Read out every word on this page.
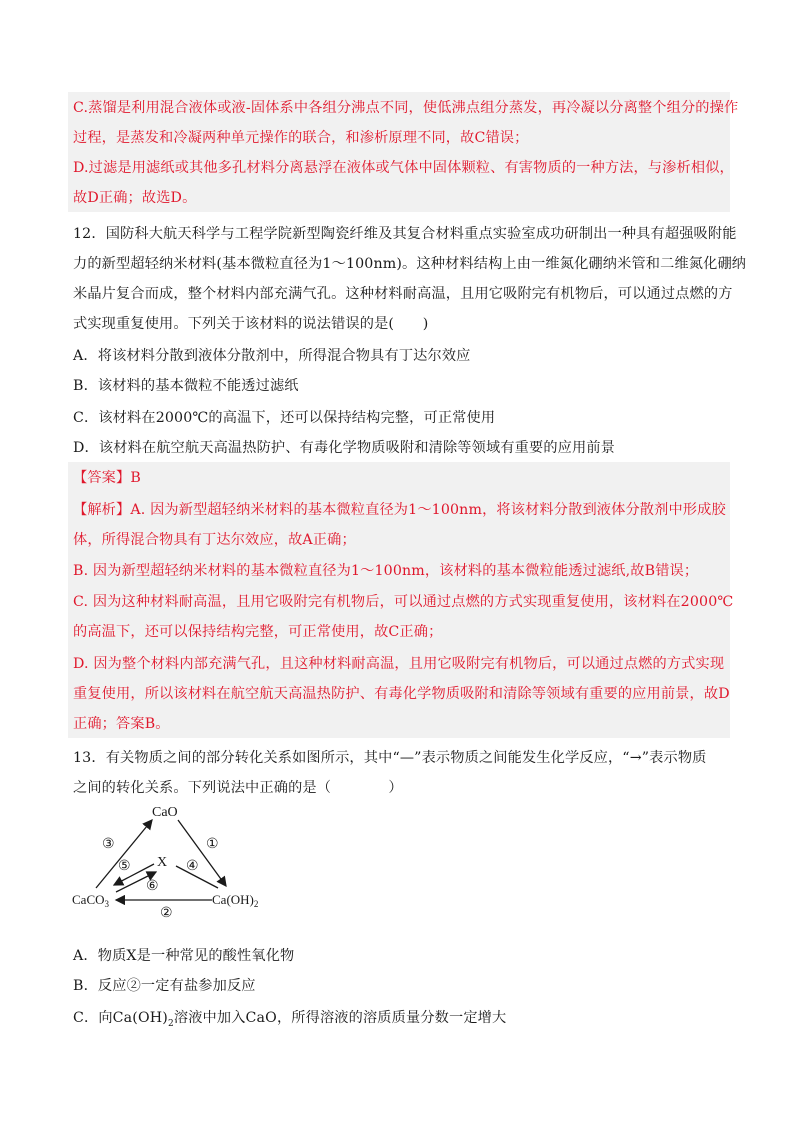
C.蒸馏是利用混合液体或液-固体系中各组分沸点不同，使低沸点组分蒸发，再冷凝以分离整个组分的操作
过程，是蒸发和冷凝两种单元操作的联合，和渗析原理不同，故C错误；
D.过滤是用滤纸或其他多孔材料分离悬浮在液体或气体中固体颗粒、有害物质的一种方法，与渗析相似，
故D正确；故选D。
12．国防科大航天科学与工程学院新型陶瓷纤维及其复合材料重点实验室成功研制出一种具有超强吸附能
力的新型超轻纳米材料(基本微粒直径为1～100nm)。这种材料结构上由一维氮化硼纳米管和二维氮化硼纳
米晶片复合而成，整个材料内部充满气孔。这种材料耐高温，且用它吸附完有机物后，可以通过点燃的方
式实现重复使用。下列关于该材料的说法错误的是(　　)
A．将该材料分散到液体分散剂中，所得混合物具有丁达尔效应
B．该材料的基本微粒不能透过滤纸
C．该材料在2000℃的高温下，还可以保持结构完整，可正常使用
D．该材料在航空航天高温热防护、有毒化学物质吸附和清除等领域有重要的应用前景
【答案】B
【解析】A. 因为新型超轻纳米材料的基本微粒直径为1～100nm，将该材料分散到液体分散剂中形成胶
体，所得混合物具有丁达尔效应，故A正确；
B. 因为新型超轻纳米材料的基本微粒直径为1～100nm，该材料的基本微粒能透过滤纸,故B错误；
C. 因为这种材料耐高温，且用它吸附完有机物后，可以通过点燃的方式实现重复使用，该材料在2000℃
的高温下，还可以保持结构完整，可正常使用，故C正确；
D. 因为整个材料内部充满气孔，且这种材料耐高温，且用它吸附完有机物后，可以通过点燃的方式实现
重复使用，所以该材料在航空航天高温热防护、有毒化学物质吸附和清除等领域有重要的应用前景，故D
正确；答案B。
13．有关物质之间的部分转化关系如图所示，其中“—”表示物质之间能发生化学反应，“→”表示物质
之间的转化关系。下列说法中正确的是（　　　　）
CaO
X
CaCO$_3$	$Ca(OH)_2$
③	①
⑤	④
⑥
②
A．物质X是一种常见的酸性氧化物
B．反应②一定有盐参加反应
C．向$Ca(OH)_2$溶液中加入CaO，所得溶液的溶质质量分数一定增大
